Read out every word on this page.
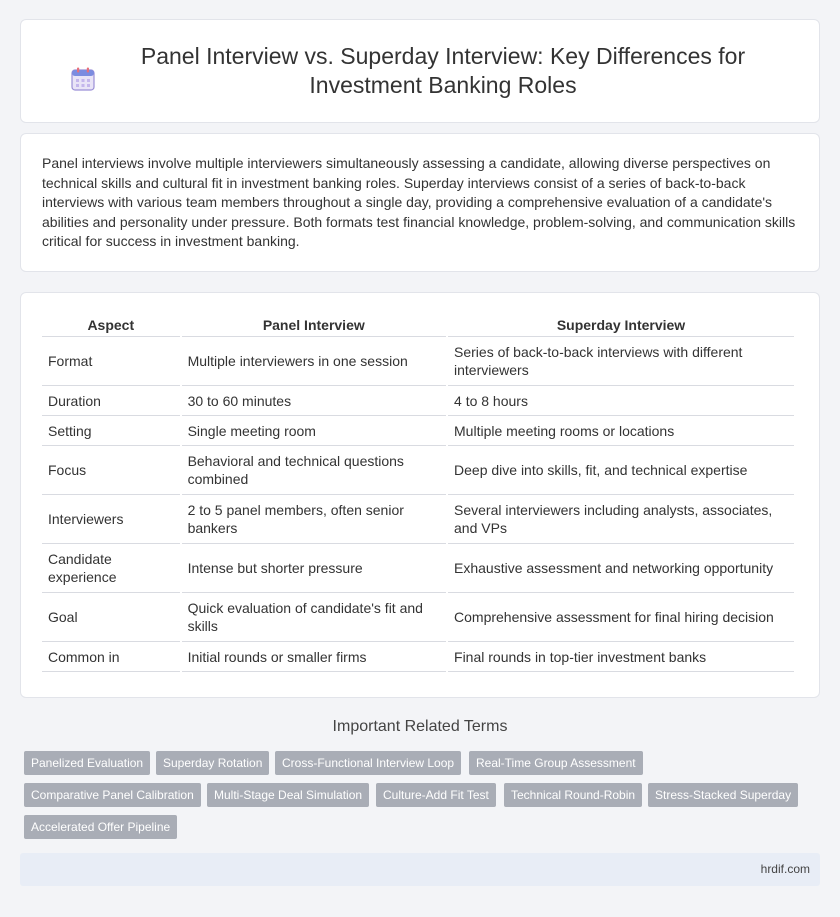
Panel Interview vs. Superday Interview: Key Differences for Investment Banking Roles

Panel interviews involve multiple interviewers simultaneously assessing a candidate, allowing diverse perspectives on technical skills and cultural fit in investment banking roles. Superday interviews consist of a series of back-to-back interviews with various team members throughout a single day, providing a comprehensive evaluation of a candidate's abilities and personality under pressure. Both formats test financial knowledge, problem-solving, and communication skills critical for success in investment banking.

Aspect	Panel Interview	Superday Interview
Format	Multiple interviewers in one session	Series of back-to-back interviews with different interviewers
Duration	30 to 60 minutes	4 to 8 hours
Setting	Single meeting room	Multiple meeting rooms or locations
Focus	Behavioral and technical questions combined	Deep dive into skills, fit, and technical expertise
Interviewers	2 to 5 panel members, often senior bankers	Several interviewers including analysts, associates, and VPs
Candidate experience	Intense but shorter pressure	Exhaustive assessment and networking opportunity
Goal	Quick evaluation of candidate's fit and skills	Comprehensive assessment for final hiring decision
Common in	Initial rounds or smaller firms	Final rounds in top-tier investment banks
Important Related Terms
Panelized Evaluation	Superday Rotation	Cross-Functional Interview Loop	Real-Time Group Assessment
Comparative Panel Calibration	Multi-Stage Deal Simulation	Culture-Add Fit Test	Technical Round-Robin	Stress-Stacked Superday
Accelerated Offer Pipeline
hrdif.com
